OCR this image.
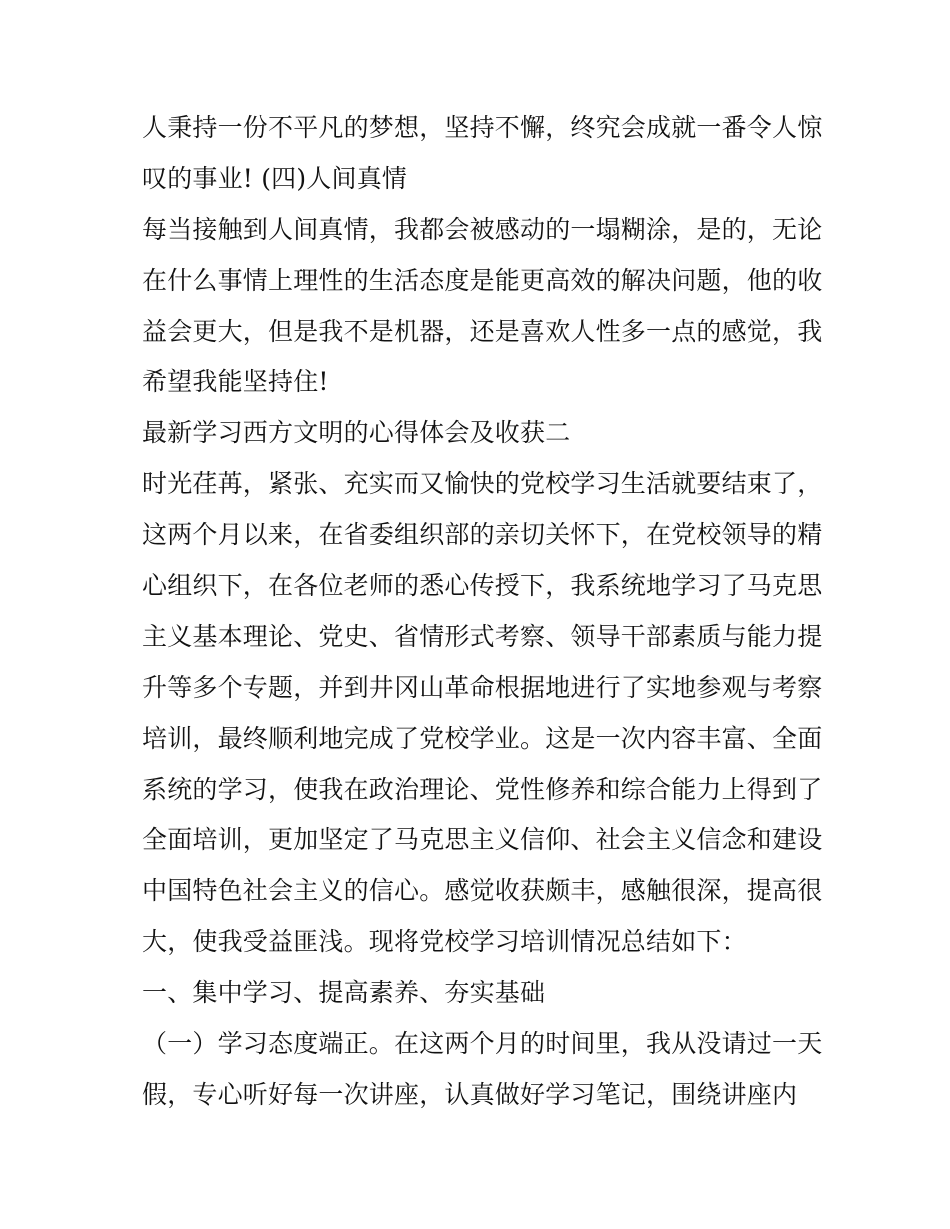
人秉持一份不平凡的梦想，坚持不懈，终究会成就一番令人惊
叹的事业! (四)人间真情
每当接触到人间真情，我都会被感动的一塌糊涂，是的，无论
在什么事情上理性的生活态度是能更高效的解决问题，他的收
益会更大，但是我不是机器，还是喜欢人性多一点的感觉，我
希望我能坚持住!
最新学习西方文明的心得体会及收获二
时光荏苒，紧张、充实而又愉快的党校学习生活就要结束了，
这两个月以来，在省委组织部的亲切关怀下，在党校领导的精
心组织下，在各位老师的悉心传授下，我系统地学习了马克思
主义基本理论、党史、省情形式考察、领导干部素质与能力提
升等多个专题，并到井冈山革命根据地进行了实地参观与考察
培训，最终顺利地完成了党校学业。这是一次内容丰富、全面
系统的学习，使我在政治理论、党性修养和综合能力上得到了
全面培训，更加坚定了马克思主义信仰、社会主义信念和建设
中国特色社会主义的信心。感觉收获颇丰，感触很深，提高很
大，使我受益匪浅。现将党校学习培训情况总结如下：
一、集中学习、提高素养、夯实基础
（一）学习态度端正。在这两个月的时间里，我从没请过一天
假，专心听好每一次讲座，认真做好学习笔记，围绕讲座内
